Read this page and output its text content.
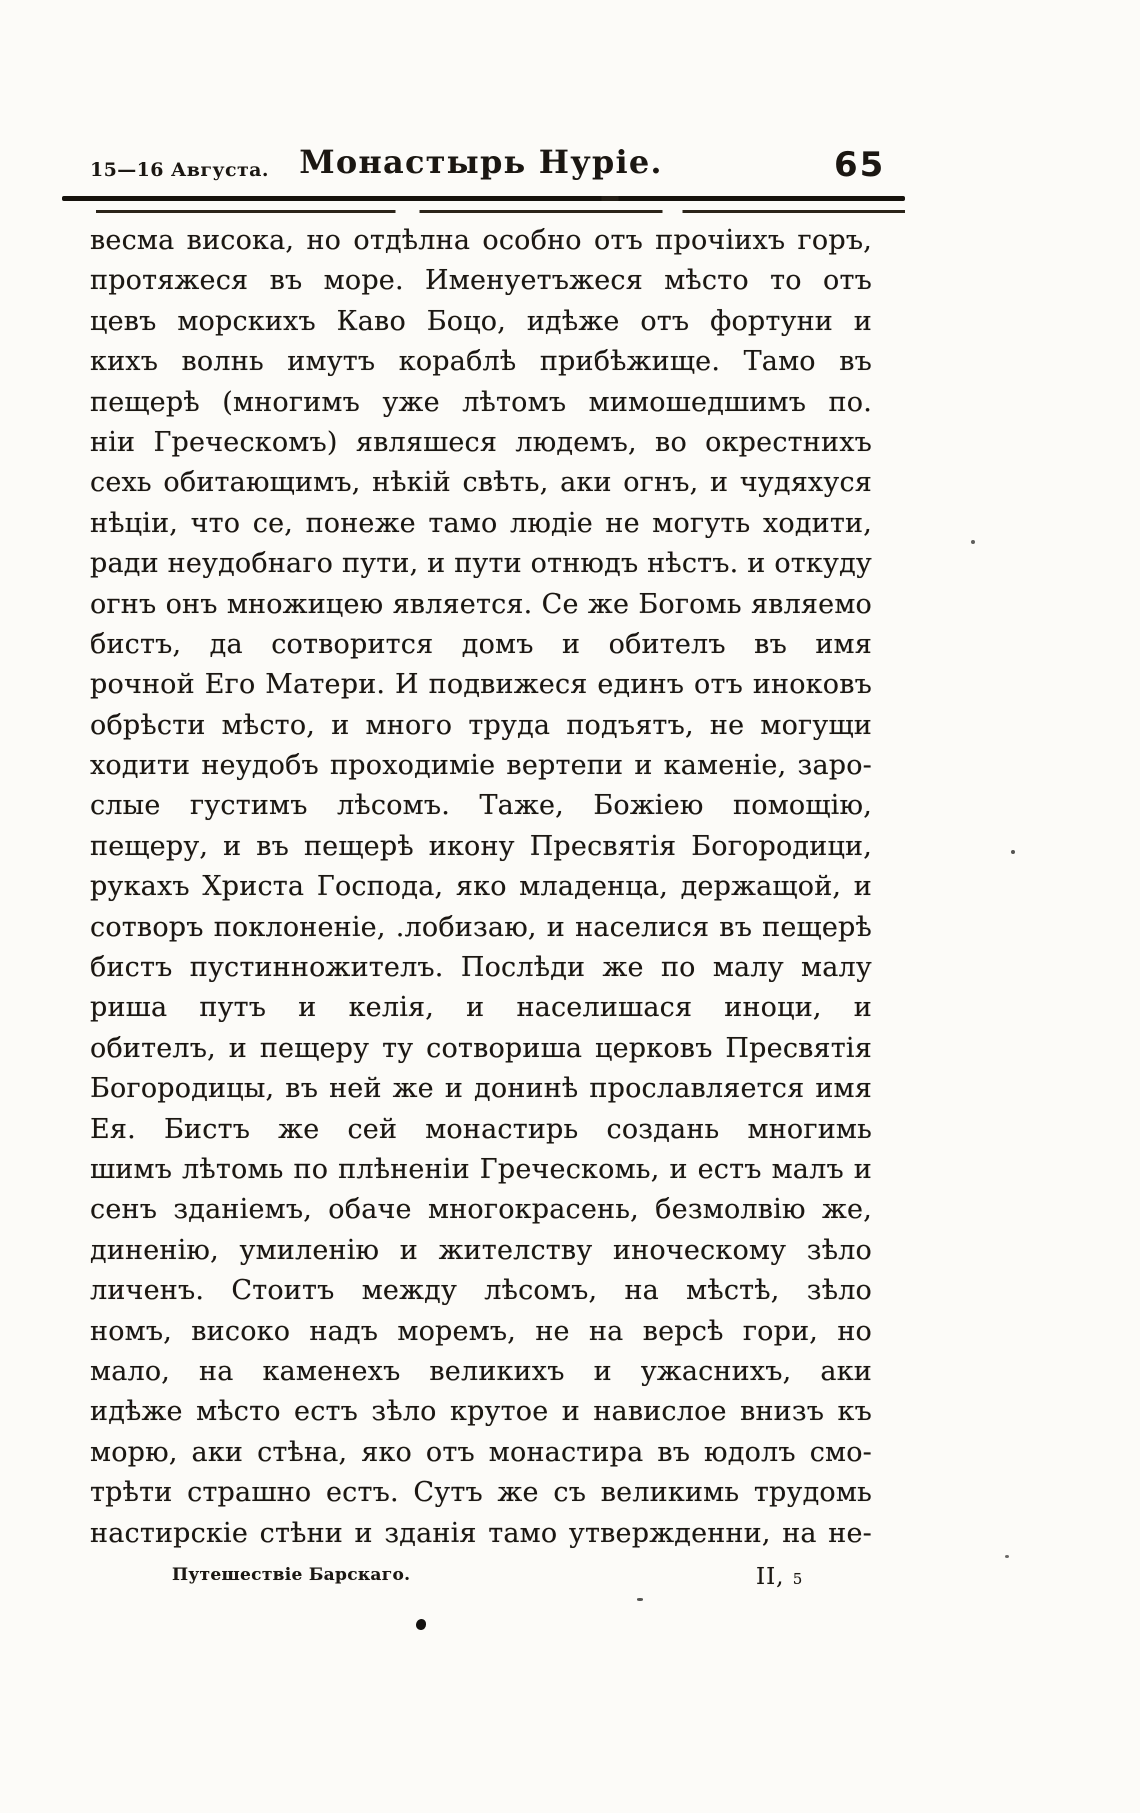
15—16 Августа. Монастырь Нуріе.	65
весма висока, но отдѣлна особно отъ прочіихъ горъ,
протяжеся въ море. Именуетъжеся мѣсто то отъ
цевъ морскихъ Каво Боцо, идѣже отъ фортуни и
кихъ волнь имутъ кораблѣ прибѣжище. Тамо въ
пещерѣ (многимъ уже лѣтомъ мимошедшимъ по.
ніи Греческомъ) являшеся людемъ, во окрестнихъ
сехь обитающимъ, нѣкій свѣть, аки огнъ, и чудяхуся
нѣціи, что се, понеже тамо людіе не могуть ходити,
ради неудобнаго пути, и пути отнюдъ нѣстъ. и откуду
огнъ онъ множицею является. Се же Богомь являемо
бистъ, да сотворится домъ и обителъ въ имя
рочной Его Матери. И подвижеся единъ отъ иноковъ
обрѣсти мѣсто, и много труда подъятъ, не могущи
ходити неудобъ проходиміе вертепи и каменіе, заро-
слые густимъ лѣсомъ. Таже, Божіею помощію,
пещеру, и въ пещерѣ икону Пресвятія Богородици,
рукахъ Христа Господа, яко младенца, держащой, и
сотворъ поклоненіе, .лобизаю, и населися въ пещерѣ
бистъ пустинножителъ. Послѣди же по малу малу
риша путъ и келія, и населишася иноци, и
обителъ, и пещеру ту сотвориша церковъ Пресвятія
Богородицы, въ ней же и донинѣ прославляется имя
Ея. Бистъ же сей монастирь создань многимь
шимъ лѣтомь по плѣненіи Греческомь, и естъ малъ и
сенъ зданіемъ, обаче многокрасень, безмолвію же,
диненію, умиленію и жителству иноческому зѣло
личенъ. Стоитъ между лѣсомъ, на мѣстѣ, зѣло
номъ, високо надъ моремъ, не на версѣ гори, но
мало, на каменехъ великихъ и ужаснихъ, аки
идѣже мѣсто естъ зѣло крутое и навислое внизъ къ
морю, аки стѣна, яко отъ монастира въ юдолъ смо-
трѣти страшно естъ. Сутъ же съ великимь трудомь
настирскіе стѣни и зданія тамо утвержденни, на не-
Путешествіе Барскаго.	II, 5
